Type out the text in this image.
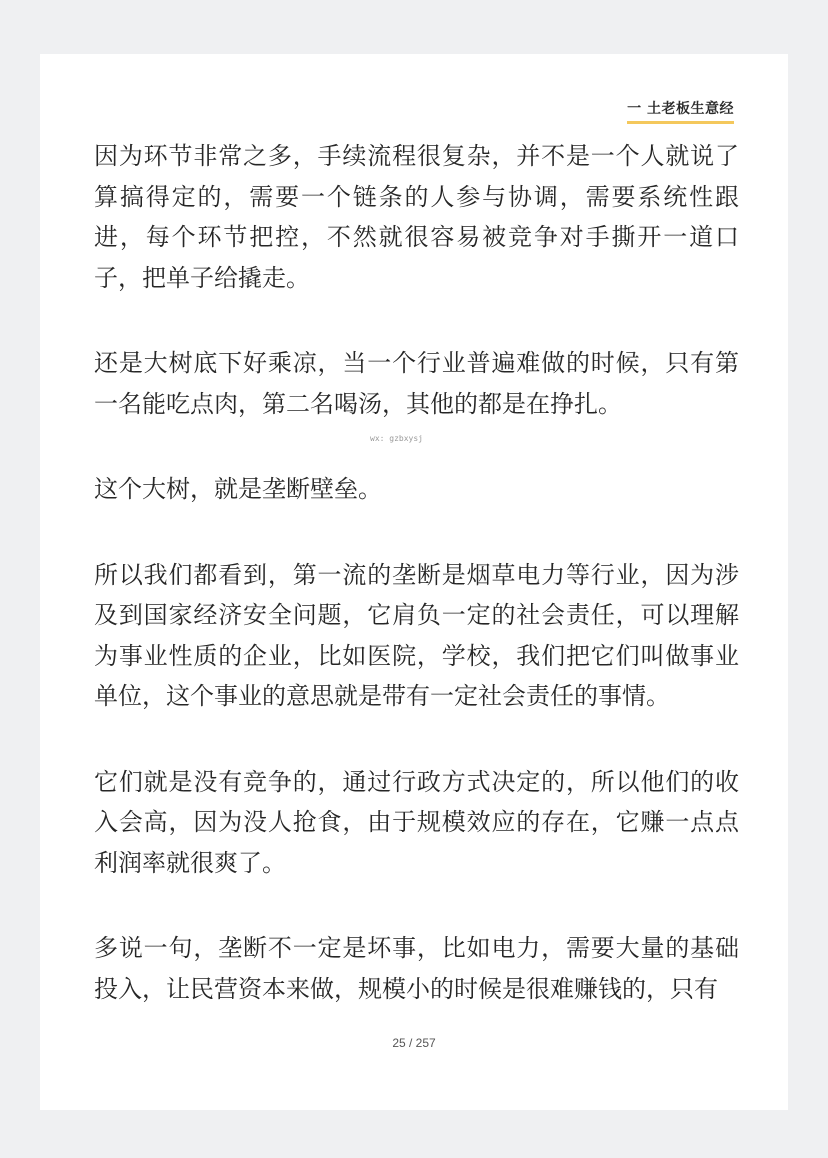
一 土老板生意经

因为环节非常之多，手续流程很复杂，并不是一个人就说了算搞得定的，需要一个链条的人参与协调，需要系统性跟进，每个环节把控，不然就很容易被竞争对手撕开一道口子，把单子给撬走。

还是大树底下好乘凉，当一个行业普遍难做的时候，只有第一名能吃点肉，第二名喝汤，其他的都是在挣扎。

这个大树，就是垄断壁垒。

所以我们都看到，第一流的垄断是烟草电力等行业，因为涉及到国家经济安全问题，它肩负一定的社会责任，可以理解为事业性质的企业，比如医院，学校，我们把它们叫做事业单位，这个事业的意思就是带有一定社会责任的事情。

它们就是没有竞争的，通过行政方式决定的，所以他们的收入会高，因为没人抢食，由于规模效应的存在，它赚一点点利润率就很爽了。

多说一句，垄断不一定是坏事，比如电力，需要大量的基础投入，让民营资本来做，规模小的时候是很难赚钱的，只有

wx: gzbxysj
25 / 257
